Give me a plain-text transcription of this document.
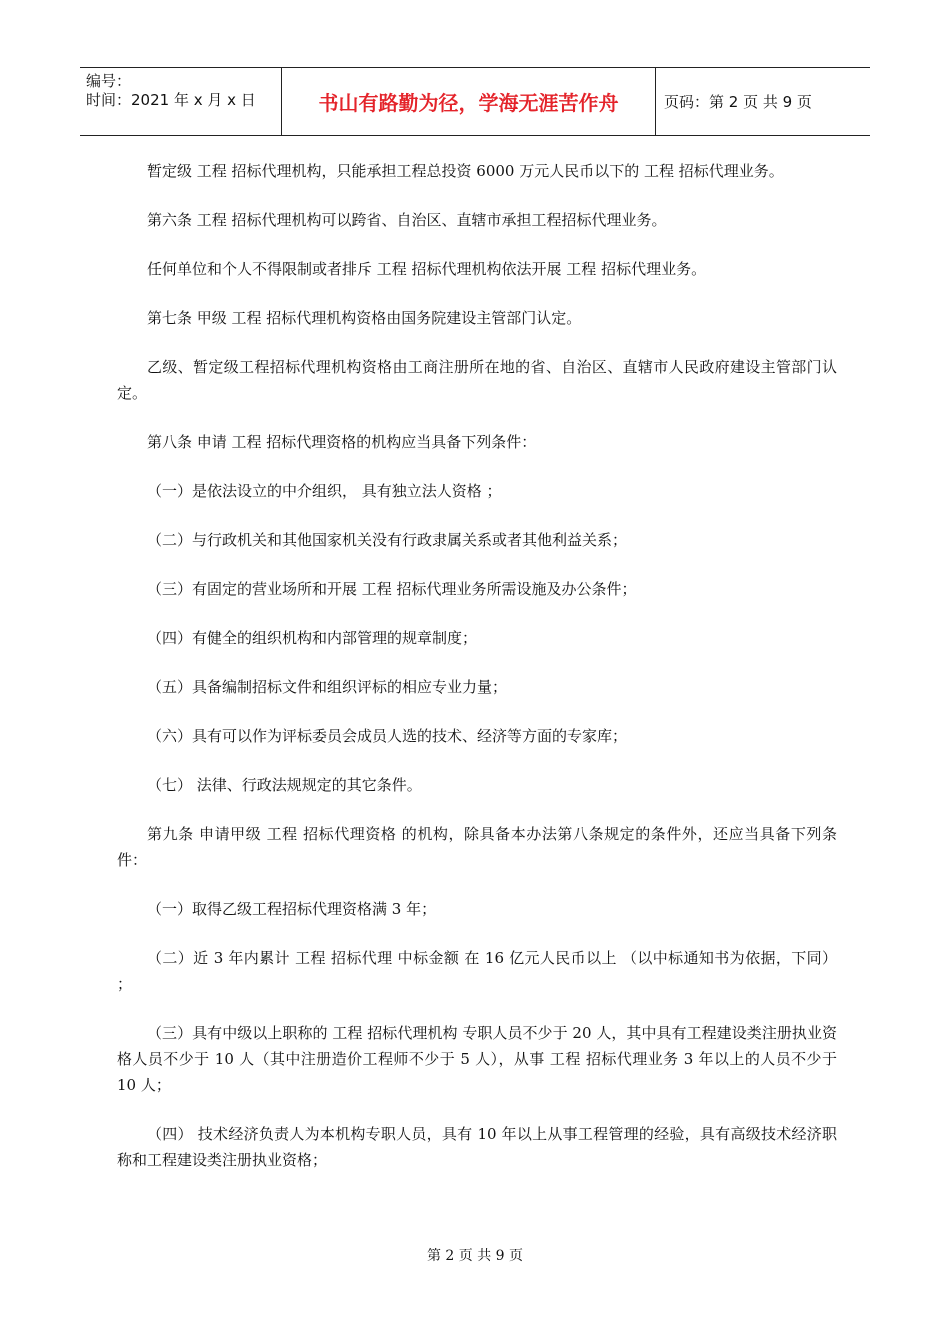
编号：
时间：2021 年 x 月 x 日	书山有路勤为径，学海无涯苦作舟	页码：第 2 页 共 9 页

暂定级 工程 招标代理机构，只能承担工程总投资 6000 万元人民币以下的 工程 招标代理业务。

第六条 工程 招标代理机构可以跨省、自治区、直辖市承担工程招标代理业务。

任何单位和个人不得限制或者排斥 工程 招标代理机构依法开展 工程 招标代理业务。

第七条 甲级 工程 招标代理机构资格由国务院建设主管部门认定。

乙级、暂定级工程招标代理机构资格由工商注册所在地的省、自治区、直辖市人民政府建设主管部门认定。

第八条 申请 工程 招标代理资格的机构应当具备下列条件：

（一）是依法设立的中介组织， 具有独立法人资格 ；

（二）与行政机关和其他国家机关没有行政隶属关系或者其他利益关系；

（三）有固定的营业场所和开展 工程 招标代理业务所需设施及办公条件；

（四）有健全的组织机构和内部管理的规章制度；

（五）具备编制招标文件和组织评标的相应专业力量；

（六）具有可以作为评标委员会成员人选的技术、经济等方面的专家库；

（七） 法律、行政法规规定的其它条件。

第九条 申请甲级 工程 招标代理资格 的机构，除具备本办法第八条规定的条件外，还应当具备下列条件：

（一）取得乙级工程招标代理资格满 3 年；

（二）近 3 年内累计 工程 招标代理 中标金额 在 16 亿元人民币以上 （以中标通知书为依据，下同） ；

（三）具有中级以上职称的 工程 招标代理机构 专职人员不少于 20 人，其中具有工程建设类注册执业资格人员不少于 10 人（其中注册造价工程师不少于 5 人），从事 工程 招标代理业务 3 年以上的人员不少于 10 人；

（四） 技术经济负责人为本机构专职人员，具有 10 年以上从事工程管理的经验，具有高级技术经济职称和工程建设类注册执业资格；

第 2 页 共 9 页
